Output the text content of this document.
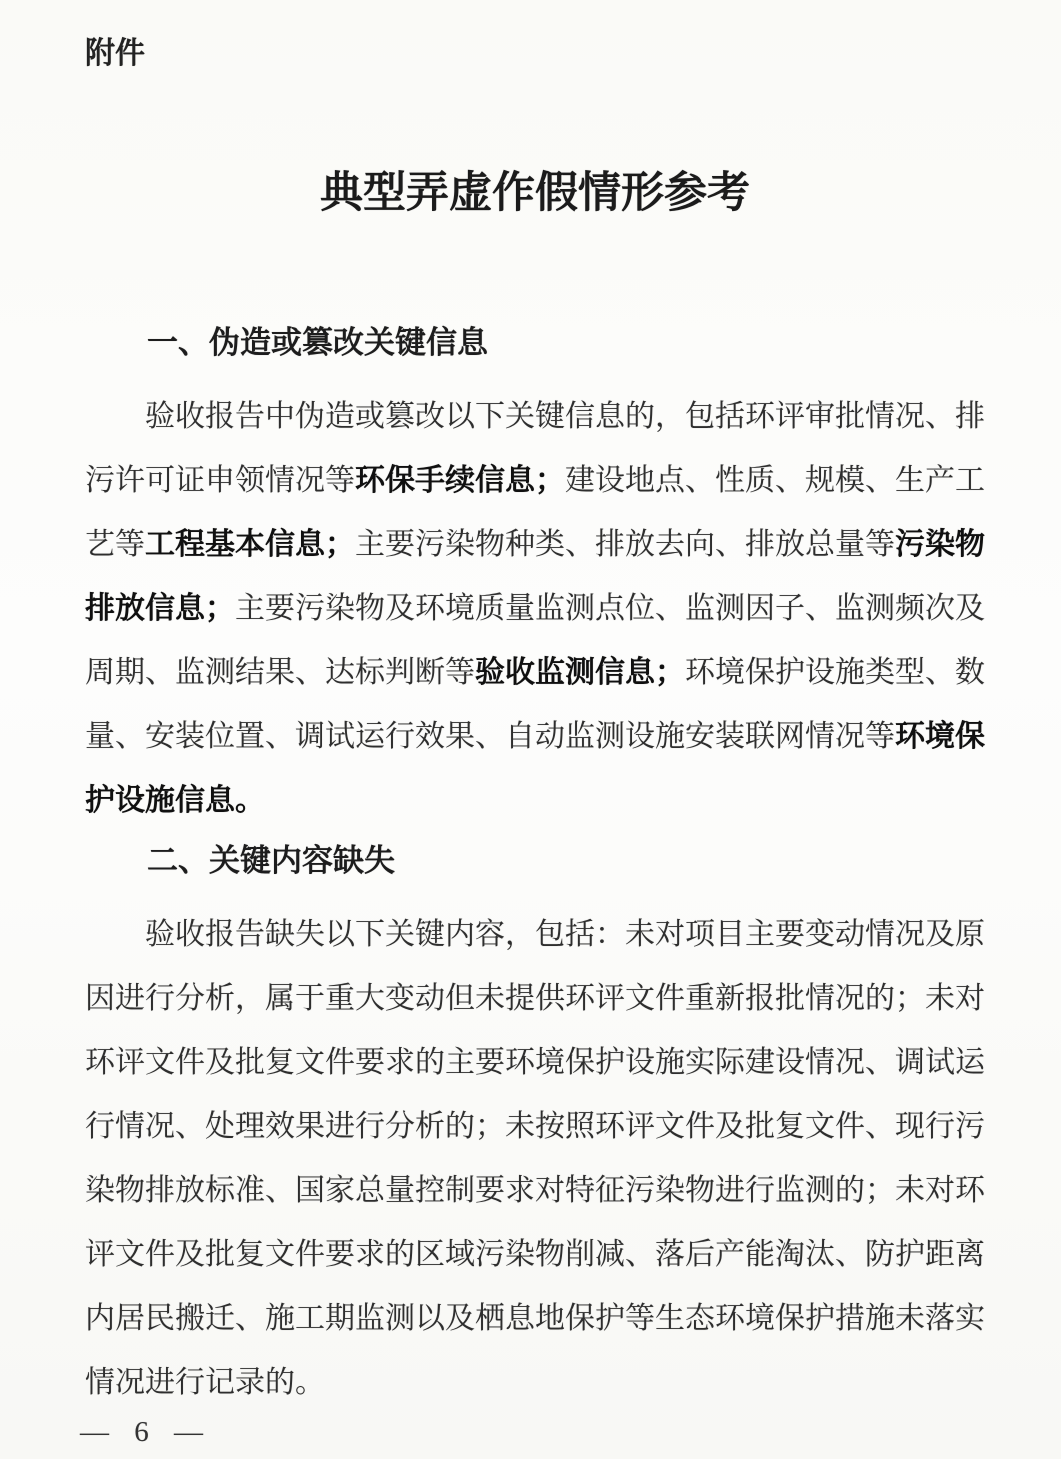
附件
典型弄虚作假情形参考
一、伪造或篡改关键信息

验收报告中伪造或篡改以下关键信息的，包括环评审批情况、排污许可证申领情况等环保手续信息；建设地点、性质、规模、生产工艺等工程基本信息；主要污染物种类、排放去向、排放总量等污染物排放信息；主要污染物及环境质量监测点位、监测因子、监测频次及周期、监测结果、达标判断等验收监测信息；环境保护设施类型、数量、安装位置、调试运行效果、自动监测设施安装联网情况等环境保护设施信息。

二、关键内容缺失

验收报告缺失以下关键内容，包括：未对项目主要变动情况及原因进行分析，属于重大变动但未提供环评文件重新报批情况的；未对环评文件及批复文件要求的主要环境保护设施实际建设情况、调试运行情况、处理效果进行分析的；未按照环评文件及批复文件、现行污染物排放标准、国家总量控制要求对特征污染物进行监测的；未对环评文件及批复文件要求的区域污染物削减、落后产能淘汰、防护距离内居民搬迁、施工期监测以及栖息地保护等生态环境保护措施未落实情况进行记录的。

— 6 —
